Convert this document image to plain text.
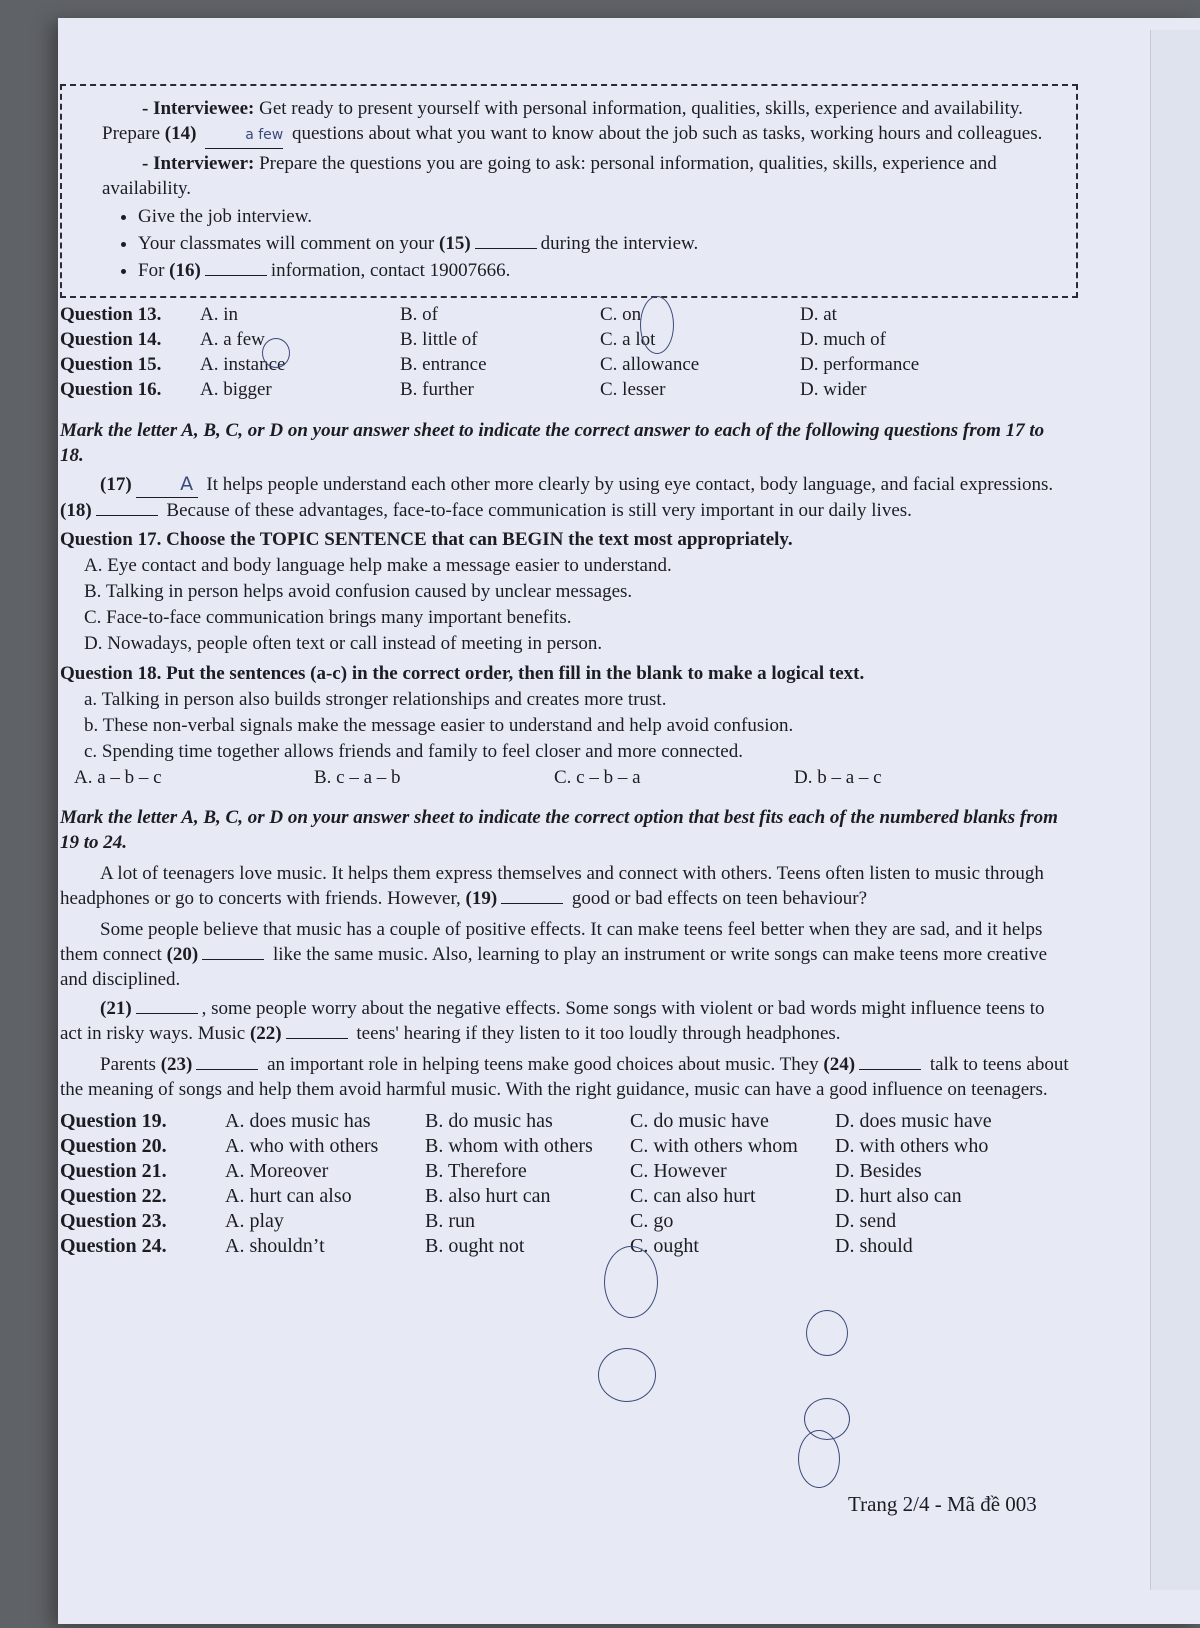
- Interviewee: Get ready to present yourself with personal information, qualities, skills, experience and availability. Prepare (14)	a few questions about what you want to know about the job such as tasks, working hours and colleagues.

- Interviewer: Prepare the questions you are going to ask: personal information, qualities, skills, experience and availability.

• Give the job interview.
• Your classmates will comment on your (15)	during the interview.
• For (16)	information, contact 19007666.
Question 13.	A. in	B. of	C. on	D. at
Question 14.	A. a few	B. little of	C. a lot	D. much of
Question 15.	A. instance	B. entrance	C. allowance	D. performance
Question 16.	A. bigger	B. further	C. lesser	D. wider
Mark the letter A, B, C, or D on your answer sheet to indicate the correct answer to each of the following questions from 17 to 18.

(17)	A It helps people understand each other more clearly by using eye contact, body language, and facial expressions. (18)	Because of these advantages, face-to-face communication is still very important in our daily lives.

Question 17. Choose the TOPIC SENTENCE that can BEGIN the text most appropriately.
A. Eye contact and body language help make a message easier to understand.
B. Talking in person helps avoid confusion caused by unclear messages.
C. Face-to-face communication brings many important benefits.
D. Nowadays, people often text or call instead of meeting in person.
Question 18. Put the sentences (a-c) in the correct order, then fill in the blank to make a logical text.
a. Talking in person also builds stronger relationships and creates more trust.
b. These non-verbal signals make the message easier to understand and help avoid confusion.
c. Spending time together allows friends and family to feel closer and more connected.
A. a – b – c	B. c – a – b	C. c – b – a	D. b – a – c
Mark the letter A, B, C, or D on your answer sheet to indicate the correct option that best fits each of the numbered blanks from 19 to 24.

A lot of teenagers love music. It helps them express themselves and connect with others. Teens often listen to music through headphones or go to concerts with friends. However, (19)	good or bad effects on teen behaviour?

Some people believe that music has a couple of positive effects. It can make teens feel better when they are sad, and it helps them connect (20)	like the same music. Also, learning to play an instrument or write songs can make teens more creative and disciplined.

(21)	, some people worry about the negative effects. Some songs with violent or bad words might influence teens to act in risky ways. Music (22)	teens' hearing if they listen to it too loudly through headphones.

Parents (23)	an important role in helping teens make good choices about music. They (24)	talk to teens about the meaning of songs and help them avoid harmful music. With the right guidance, music can have a good influence on teenagers.

Question 19.	A. does music has	B. do music has	C. do music have	D. does music have
Question 20.	A. who with others	B. whom with others	C. with others whom	D. with others who
Question 21.	A. Moreover	B. Therefore	C. However	D. Besides
Question 22.	A. hurt can also	B. also hurt can	C. can also hurt	D. hurt also can
Question 23.	A. play	B. run	C. go	D. send
Question 24.	A. shouldn’t	B. ought not	C. ought	D. should
Trang 2/4 - Mã đề 003
